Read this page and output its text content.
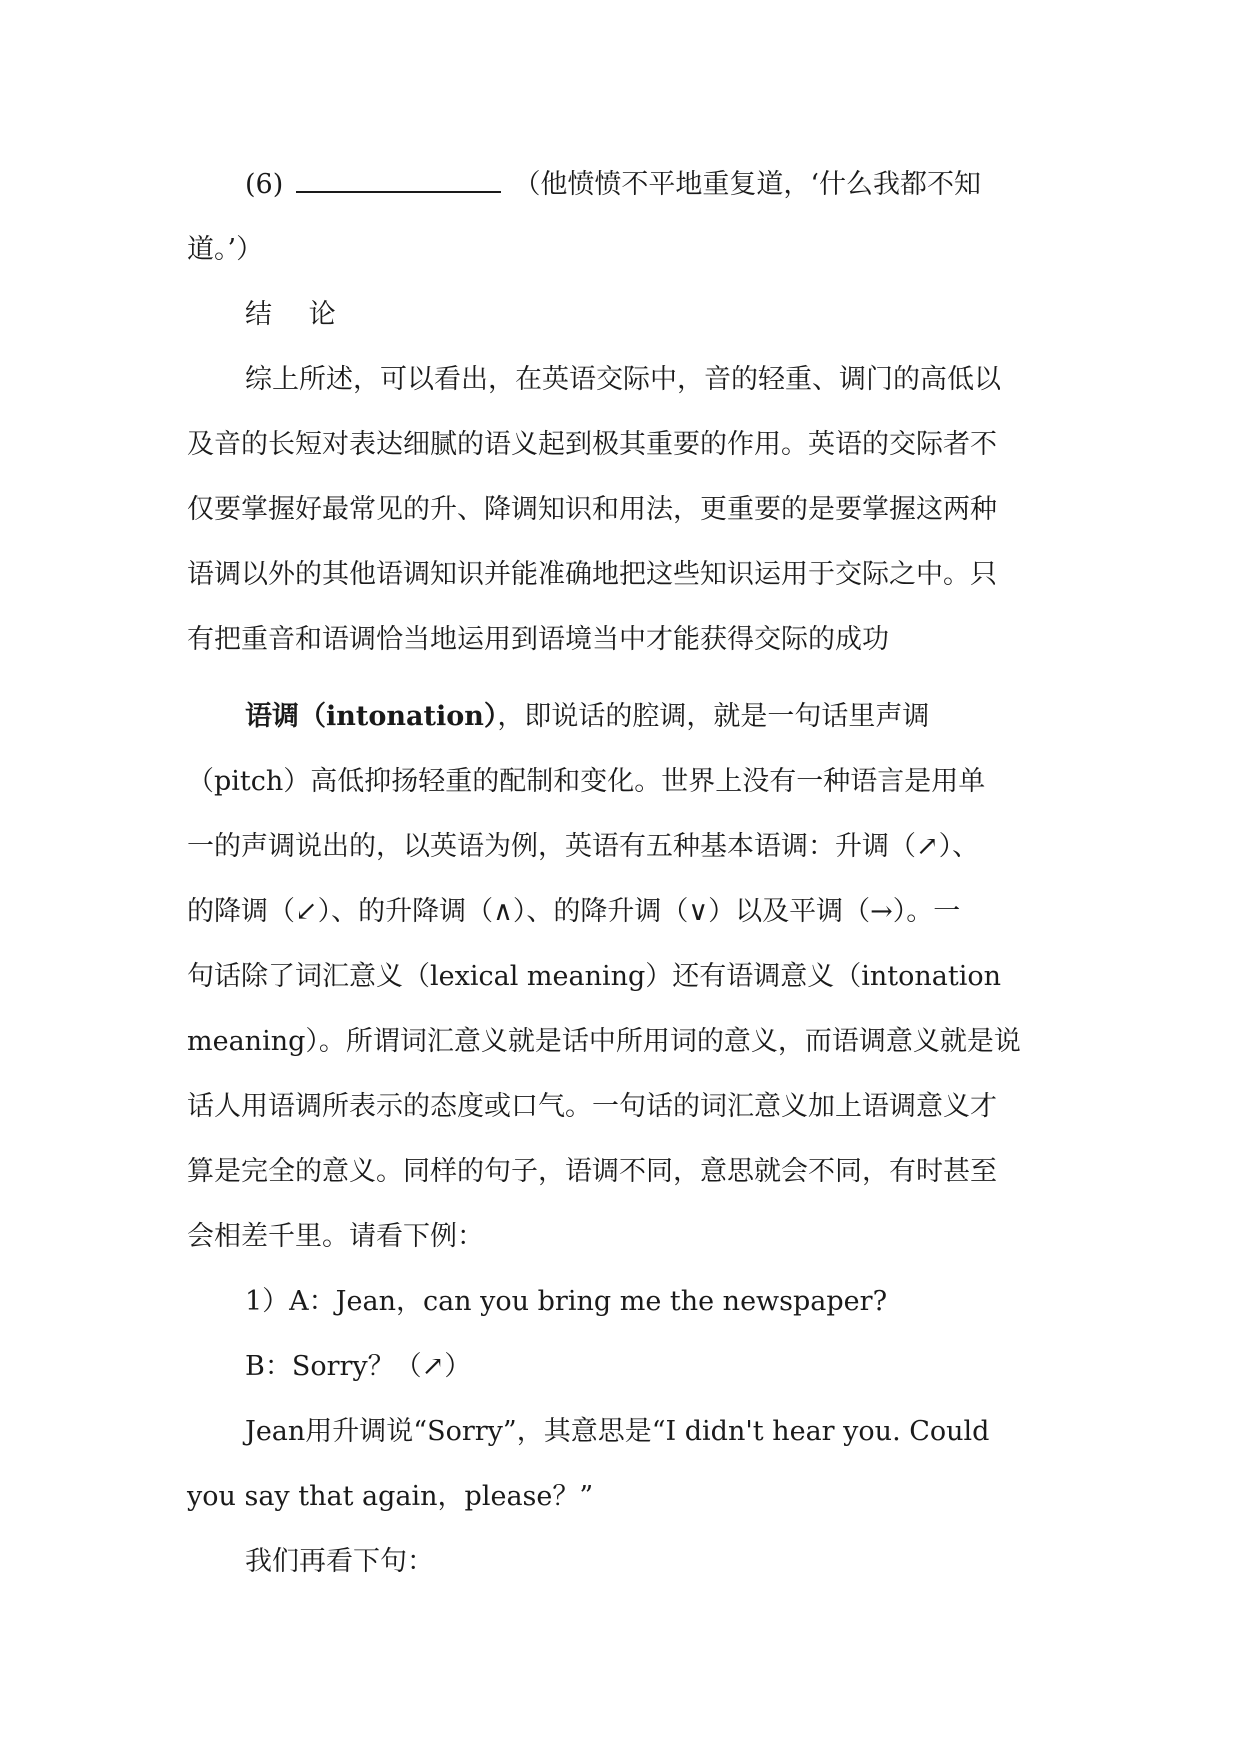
(6)	（他愤愤不平地重复道，‘什么我都不知
道。’）
结 论
综上所述，可以看出，在英语交际中，音的轻重、调门的高低以
及音的长短对表达细腻的语义起到极其重要的作用。英语的交际者不
仅要掌握好最常见的升、降调知识和用法，更重要的是要掌握这两种
语调以外的其他语调知识并能准确地把这些知识运用于交际之中。只
有把重音和语调恰当地运用到语境当中才能获得交际的成功
语调（intonation），即说话的腔调，就是一句话里声调
（pitch）高低抑扬轻重的配制和变化。世界上没有一种语言是用单
一的声调说出的，以英语为例，英语有五种基本语调：升调（↗）、
的降调（↙）、的升降调（∧）、的降升调（∨）以及平调（→）。一
句话除了词汇意义（lexical meaning）还有语调意义（intonation
meaning）。所谓词汇意义就是话中所用词的意义，而语调意义就是说
话人用语调所表示的态度或口气。一句话的词汇意义加上语调意义才
算是完全的意义。同样的句子，语调不同，意思就会不同，有时甚至
会相差千里。请看下例：
1）A：Jean，can you bring me the newspaper?
B：Sorry？（↗）
Jean用升调说“Sorry”，其意思是“I didn't hear you. Could
you say that again，please？”
我们再看下句：
